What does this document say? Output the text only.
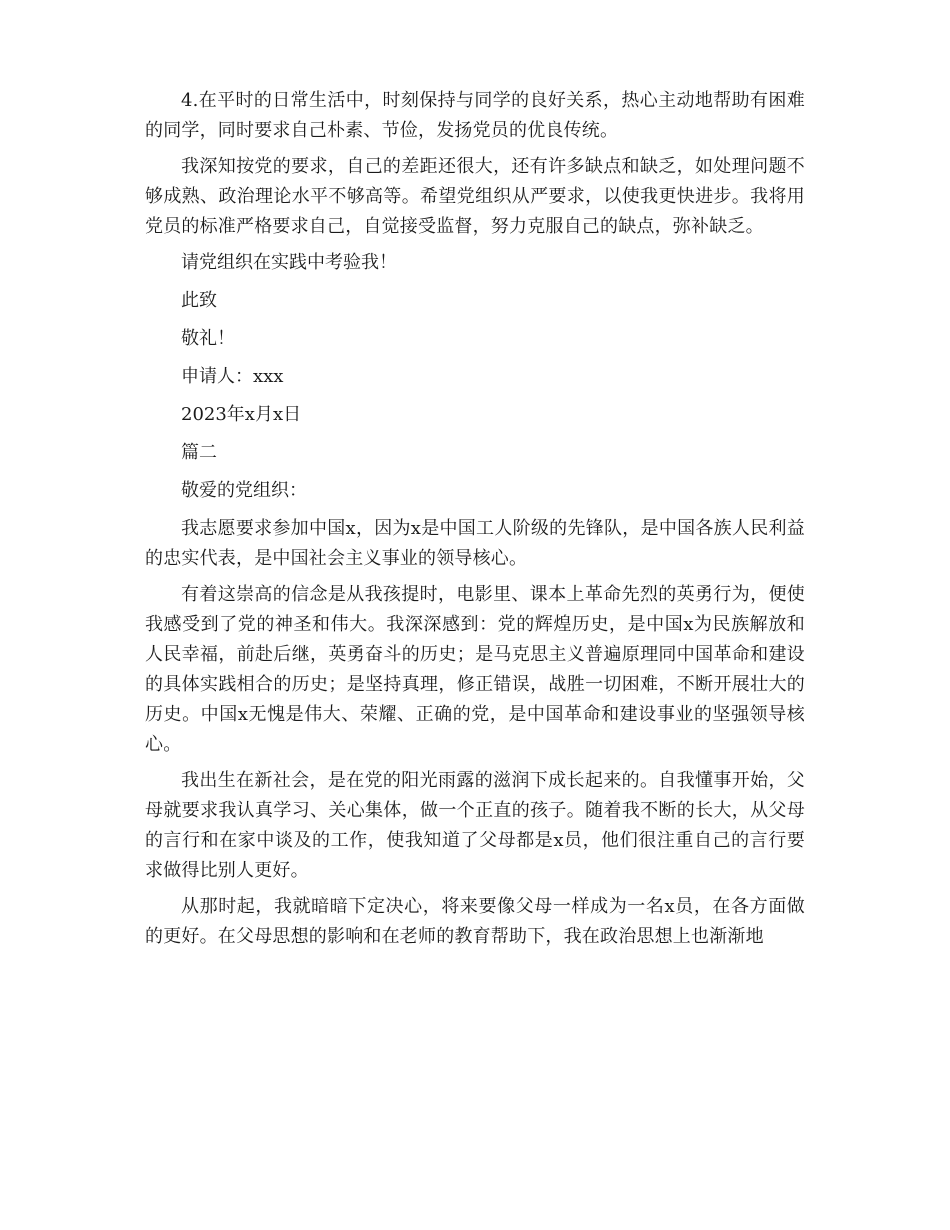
4.在平时的日常生活中，时刻保持与同学的良好关系，热心主动地帮助有困难的同学，同时要求自己朴素、节俭，发扬党员的优良传统。

我深知按党的要求，自己的差距还很大，还有许多缺点和缺乏，如处理问题不够成熟、政治理论水平不够高等。希望党组织从严要求，以使我更快进步。我将用党员的标准严格要求自己，自觉接受监督，努力克服自己的缺点，弥补缺乏。

请党组织在实践中考验我！

此致

敬礼！

申请人：xxx

2023年x月x日

篇二

敬爱的党组织：

我志愿要求参加中国x，因为x是中国工人阶级的先锋队，是中国各族人民利益的忠实代表，是中国社会主义事业的领导核心。

有着这崇高的信念是从我孩提时，电影里、课本上革命先烈的英勇行为，便使我感受到了党的神圣和伟大。我深深感到：党的辉煌历史，是中国x为民族解放和人民幸福，前赴后继，英勇奋斗的历史；是马克思主义普遍原理同中国革命和建设的具体实践相合的历史；是坚持真理，修正错误，战胜一切困难，不断开展壮大的历史。中国x无愧是伟大、荣耀、正确的党，是中国革命和建设事业的坚强领导核心。

我出生在新社会，是在党的阳光雨露的滋润下成长起来的。自我懂事开始，父母就要求我认真学习、关心集体，做一个正直的孩子。随着我不断的长大，从父母的言行和在家中谈及的工作，使我知道了父母都是x员，他们很注重自己的言行要求做得比别人更好。

从那时起，我就暗暗下定决心，将来要像父母一样成为一名x员，在各方面做的更好。在父母思想的影响和在老师的教育帮助下，我在政治思想上也渐渐地
